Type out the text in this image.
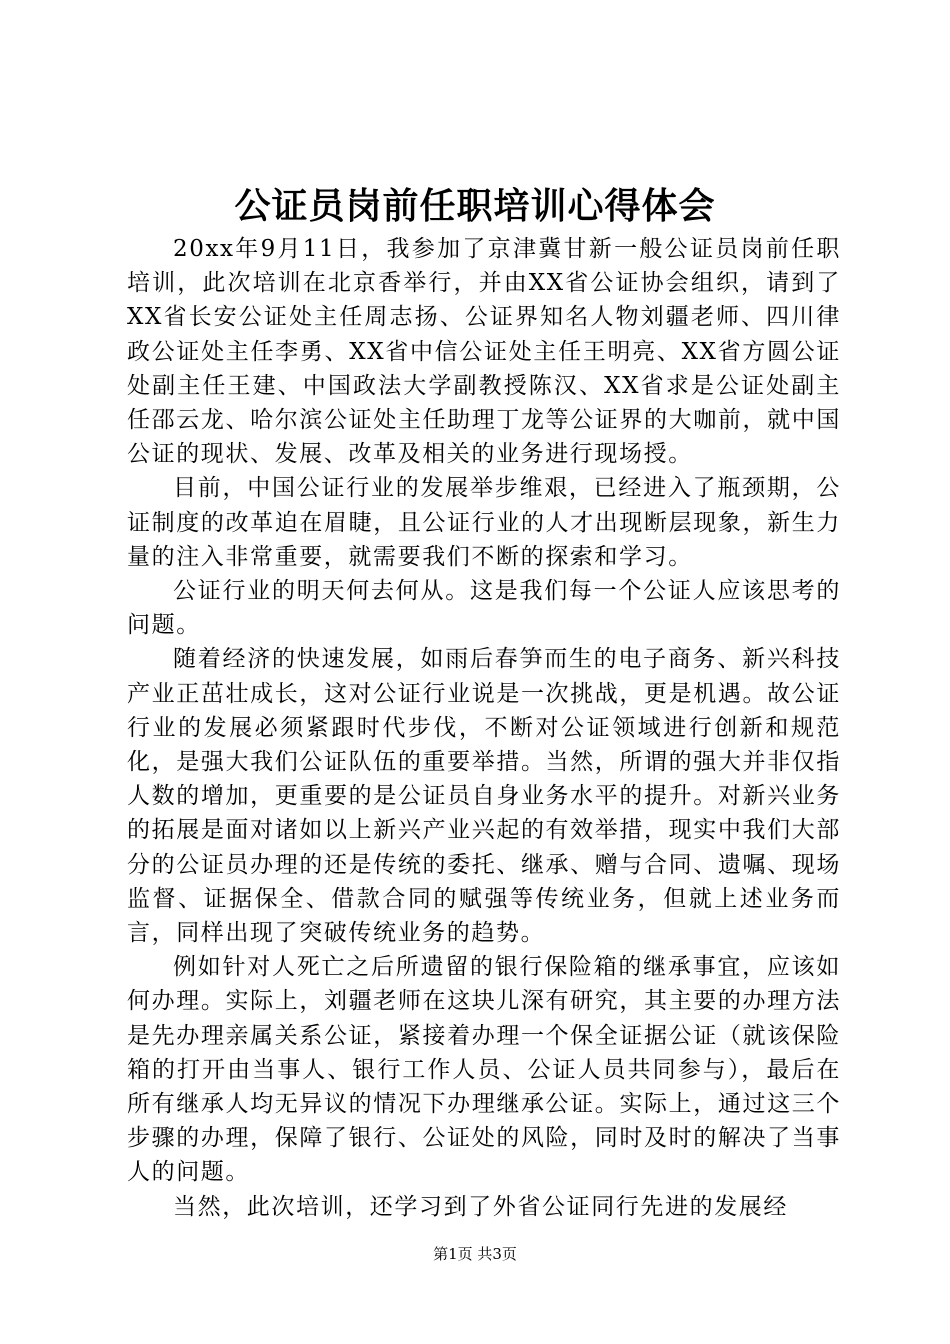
公证员岗前任职培训心得体会

20xx年9月11日，我参加了京津冀甘新一般公证员岗前任职培训，此次培训在北京香举行，并由XX省公证协会组织，请到了XX省长安公证处主任周志扬、公证界知名人物刘疆老师、四川律政公证处主任李勇、XX省中信公证处主任王明亮、XX省方圆公证处副主任王建、中国政法大学副教授陈汉、XX省求是公证处副主任邵云龙、哈尔滨公证处主任助理丁龙等公证界的大咖前，就中国公证的现状、发展、改革及相关的业务进行现场授。

目前，中国公证行业的发展举步维艰，已经进入了瓶颈期，公证制度的改革迫在眉睫，且公证行业的人才出现断层现象，新生力量的注入非常重要，就需要我们不断的探索和学习。

公证行业的明天何去何从。这是我们每一个公证人应该思考的问题。

随着经济的快速发展，如雨后春笋而生的电子商务、新兴科技产业正茁壮成长，这对公证行业说是一次挑战，更是机遇。故公证行业的发展必须紧跟时代步伐，不断对公证领域进行创新和规范化，是强大我们公证队伍的重要举措。当然，所谓的强大并非仅指人数的增加，更重要的是公证员自身业务水平的提升。对新兴业务的拓展是面对诸如以上新兴产业兴起的有效举措，现实中我们大部分的公证员办理的还是传统的委托、继承、赠与合同、遗嘱、现场监督、证据保全、借款合同的赋强等传统业务，但就上述业务而言，同样出现了突破传统业务的趋势。

例如针对人死亡之后所遗留的银行保险箱的继承事宜，应该如何办理。实际上，刘疆老师在这块儿深有研究，其主要的办理方法是先办理亲属关系公证，紧接着办理一个保全证据公证（就该保险箱的打开由当事人、银行工作人员、公证人员共同参与），最后在所有继承人均无异议的情况下办理继承公证。实际上，通过这三个步骤的办理，保障了银行、公证处的风险，同时及时的解决了当事人的问题。

当然，此次培训，还学习到了外省公证同行先进的发展经

第1页 共3页
